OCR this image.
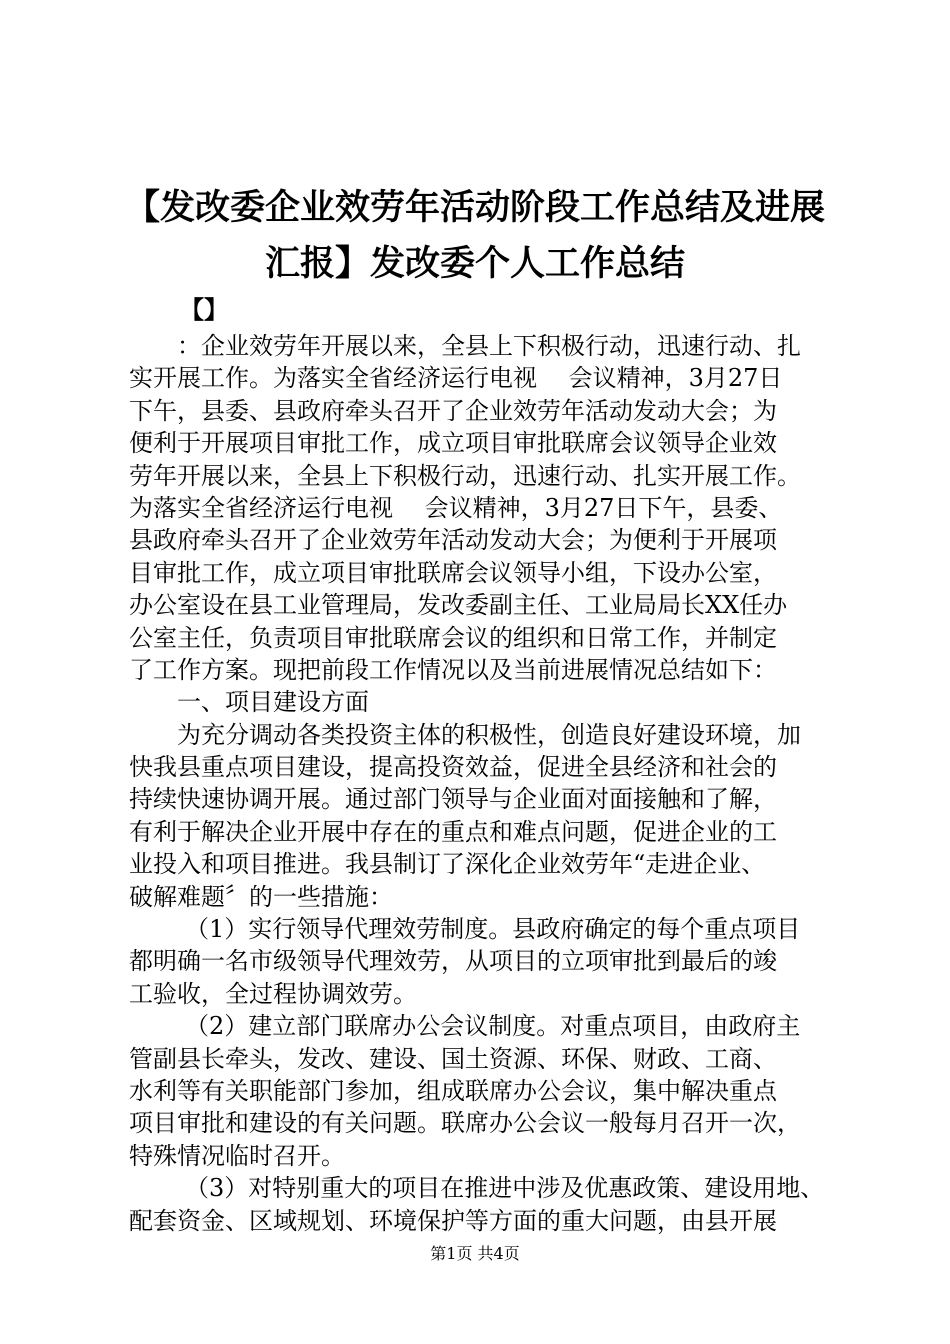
【发改委企业效劳年活动阶段工作总结及进展
汇报】发改委个人工作总结
【】
：企业效劳年开展以来，全县上下积极行动，迅速行动、扎
实开展工作。为落实全省经济运行电视　 会议精神，3月27日
下午，县委、县政府牵头召开了企业效劳年活动发动大会；为
便利于开展项目审批工作，成立项目审批联席会议领导企业效
劳年开展以来，全县上下积极行动，迅速行动、扎实开展工作。
为落实全省经济运行电视　 会议精神，3月27日下午，县委、
县政府牵头召开了企业效劳年活动发动大会；为便利于开展项
目审批工作，成立项目审批联席会议领导小组，下设办公室，
办公室设在县工业管理局，发改委副主任、工业局局长XX任办
公室主任，负责项目审批联席会议的组织和日常工作，并制定
了工作方案。现把前段工作情况以及当前进展情况总结如下：
一、项目建设方面
为充分调动各类投资主体的积极性，创造良好建设环境，加
快我县重点项目建设，提高投资效益，促进全县经济和社会的
持续快速协调开展。通过部门领导与企业面对面接触和了解，
有利于解决企业开展中存在的重点和难点问题，促进企业的工
业投入和项目推进。我县制订了深化企业效劳年“走进企业、
破解难题〞的一些措施：
（1）实行领导代理效劳制度。县政府确定的每个重点项目
都明确一名市级领导代理效劳，从项目的立项审批到最后的竣
工验收，全过程协调效劳。
（2）建立部门联席办公会议制度。对重点项目，由政府主
管副县长牵头，发改、建设、国土资源、环保、财政、工商、
水利等有关职能部门参加，组成联席办公会议，集中解决重点
项目审批和建设的有关问题。联席办公会议一般每月召开一次，
特殊情况临时召开。
（3）对特别重大的项目在推进中涉及优惠政策、建设用地、
配套资金、区域规划、环境保护等方面的重大问题，由县开展
第1页 共4页
